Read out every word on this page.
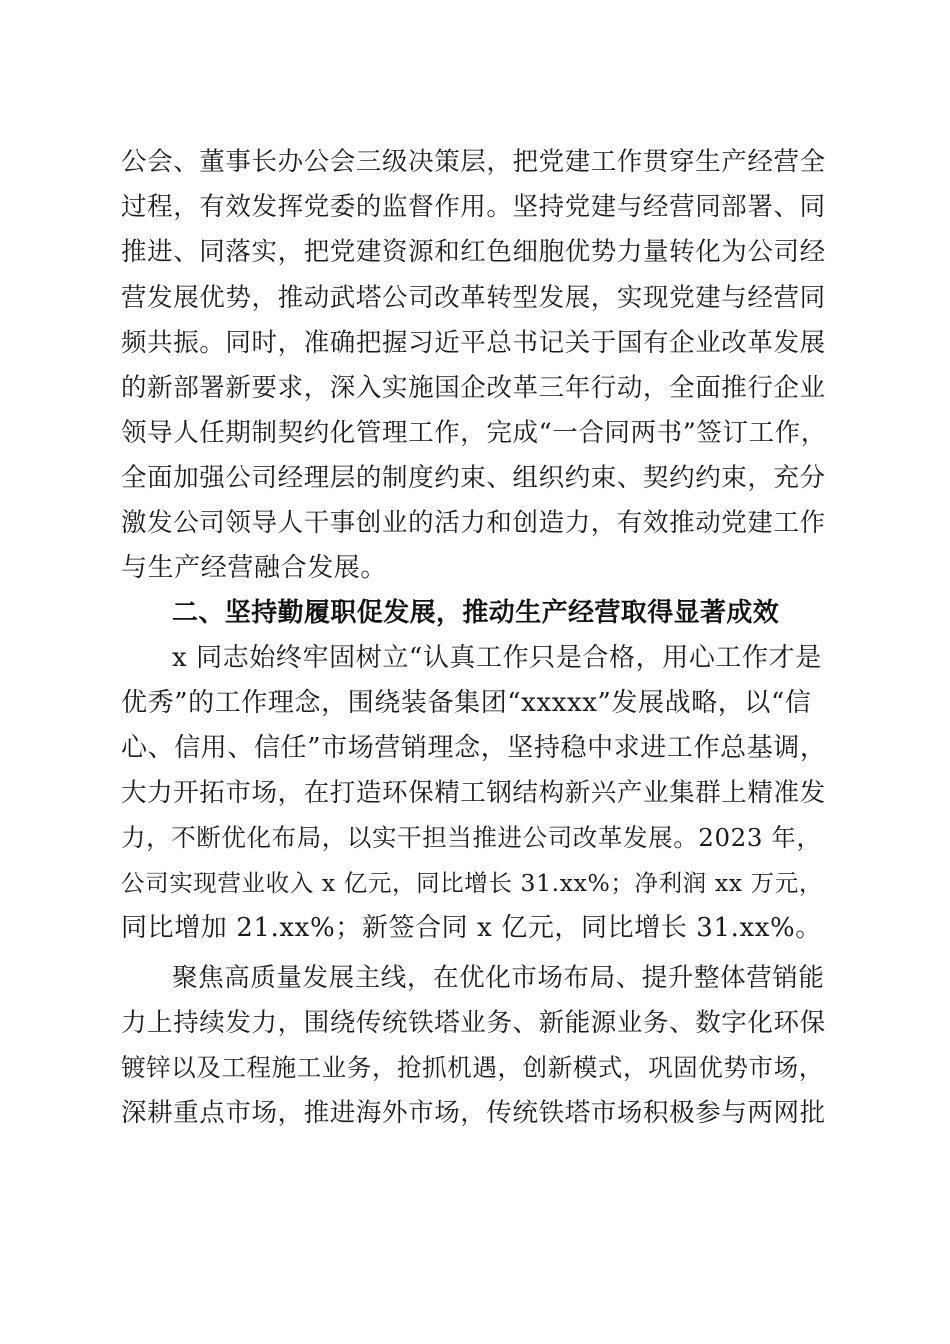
公会、董事长办公会三级决策层，把党建工作贯穿生产经营全
过程，有效发挥党委的监督作用。坚持党建与经营同部署、同
推进、同落实，把党建资源和红色细胞优势力量转化为公司经
营发展优势，推动武塔公司改革转型发展，实现党建与经营同
频共振。同时，准确把握习近平总书记关于国有企业改革发展
的新部署新要求，深入实施国企改革三年行动，全面推行企业
领导人任期制契约化管理工作，完成“一合同两书”签订工作，
全面加强公司经理层的制度约束、组织约束、契约约束，充分
激发公司领导人干事创业的活力和创造力，有效推动党建工作
与生产经营融合发展。
二、坚持勤履职促发展，推动生产经营取得显著成效
x 同志始终牢固树立“认真工作只是合格，用心工作才是
优秀”的工作理念，围绕装备集团“xxxxx”发展战略，以“信
心、信用、信任”市场营销理念，坚持稳中求进工作总基调，
大力开拓市场，在打造环保精工钢结构新兴产业集群上精准发
力，不断优化布局，以实干担当推进公司改革发展。2023 年，
公司实现营业收入 x 亿元，同比增长 31.xx%；净利润 xx 万元，
同比增加 21.xx%；新签合同 x 亿元，同比增长 31.xx%。
聚焦高质量发展主线，在优化市场布局、提升整体营销能
力上持续发力，围绕传统铁塔业务、新能源业务、数字化环保
镀锌以及工程施工业务，抢抓机遇，创新模式，巩固优势市场，
深耕重点市场，推进海外市场，传统铁塔市场积极参与两网批
